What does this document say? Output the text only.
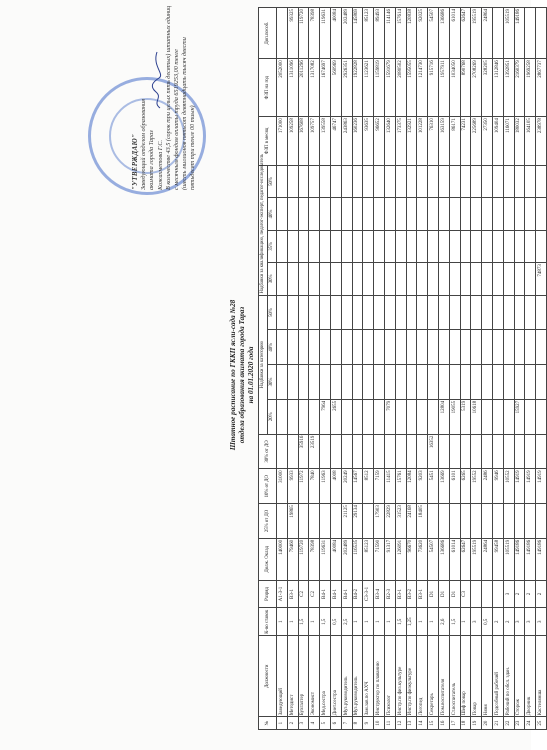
"УТВЕРЖДАЮ" Заведующий отделом образования акимата города Тараз Кожахметова Г.С. В количестве 43,5 (сорок три целых пять десятых) штатных единиц с месячным фондом оплаты труда 6519253,00 тенге (шесть миллионов пятьсот девятнадцать тысяч двести пятьдесят три тенге 00 тиын)
Штатное расписание по ГККП ясли-сада №28 отдела образования акимата города Тараз на 01.01.2020 года
№	Должности	К-во ставок	Разряд	Долж. Оклад	25% от ДО	10% от ДО	30% от ДО	Надбавки за категорию				Надбавки за квалификацию, педагог-эксперт, педагог-исследователь				ФЗП в месяц	ФЗП на год	Доп.пособ.
								20%	30%	40%	50%	30%	35%	40%	50%			
1	Заведующий	1	А1-3-1	140000		31000										171000	2052000	
2	Методист	1	В3-1	79460	19865	9933										109258	1311096	99325
3	Бухгалтер	1,5	С2	119720		11972	35916									167608	2011296	119720
4	Экономист	1	С2	78398		7840	23519									109757	1317082	78398
5	Мед.сестра	1,5	В4-1	119631		11963		7964								139558	1674697	119631
6	Диет.сестра	0,5	В4-1	40084		4008		2655								46747	560969	40084
7	Муз.руководитель	2,5	В4-1	202489	21125	20249										243863	2926351	202489
8	Муз.руководитель	1	В4-2	116535	29134	14567										160236	1922828	145869
9	Зам.зав.по АХЧ	1	С3-3-1	85123		8512										93635	1123621	85123
10	Инструктор по плаванию	1	В3-4	71590	17903	7159										96652	1159819	89493
11	Психолог	1	В2-3	91317	22829	11415		7079								132640	1591679	114146
12	Инстр.по физ.культуре	1,5	В3-1	126091	31523	15761										173375	2080502	157614
13	Инстр.по физкультуре	1,25	В3-2	96670	24168	12084										132921	1595055	120838
14	Логопед	1	В3-1	73620	18405	9203										101228	1214730	92025
15	Секретарь	1	D1	54507		5451	16352									76310	915716	54507
16	Пом.воспитателя	2,6	D1	136686		13669		12804								163159	1957911	136686
17	Ст.воспитатель	1,5	D1	61014		6101		19055								86171	1034050	61014
18	Шеф повар	1	С3	62647		6265		5319								74231	890768	62647
19	Повар	3		195519		19552		10618								225689	2708269	195519
20	Няня	0,5		24864		2486										27350	328205	24864
21	Подсобный рабочий	2		99458		9946										109404	1312846	
22	Рабочий по обсл. здан.	2	3	105519		10552										116071	1392851	105519
23	Сторож	3	2	149186		14919		15927								180032	2160379	149186
24	Дворник	3	2	149186		14919										164105	1969258	
25	Кастелянша	3	2	149186		14919						74873				238978	2867737	
